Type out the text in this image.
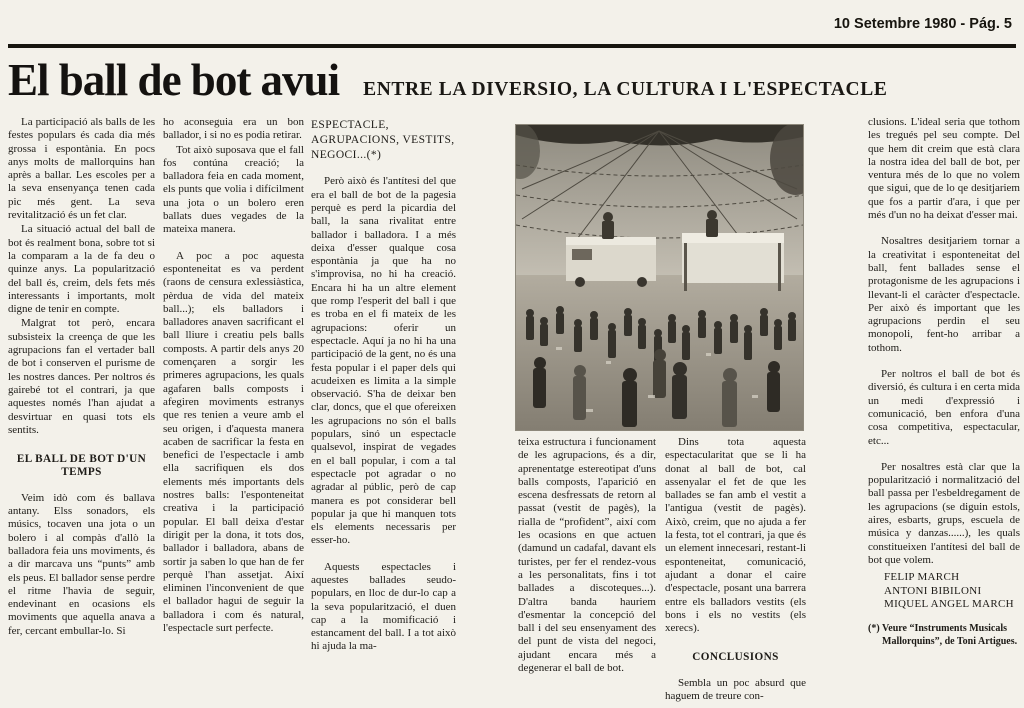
10 Setembre 1980 - Pág. 5
El ball de bot avui ENTRE LA DIVERSIO, LA CULTURA I L'ESPECTACLE

La participació als balls de les festes populars és cada dia més grossa i espontània. En pocs anys molts de mallorquins han après a ballar. Les escoles per a la seva ensenyança tenen cada pic més gent. La seva revitalització és un fet clar.

La situació actual del ball de bot és realment bona, sobre tot si la comparam a la de fa deu o quinze anys. La popularització del ball és, creim, dels fets més interessants i importants, molt digne de tenir en compte.

Malgrat tot però, encara subsisteix la creença de que les agrupacions fan el vertader ball de bot i conserven el purisme de les nostres dances. Per noltros és gairebé tot el contrari, ja que aquestes només l'han ajudat a desvirtuar en quasi tots els sentits.

EL BALL DE BOT D'UN TEMPS

Veim idò com és ballava antany. Elss sonadors, els músics, tocaven una jota o un bolero i al compàs d'allò la balladora feia uns moviments, és a dir marcava uns “punts” amb els peus. El ballador sense perdre el ritme l'havia de seguir, endevinant en ocasions els moviments que aquella anava a fer, cercant embullar-lo. Si

ho aconseguia era un bon ballador, i si no es podia retirar.

Tot això suposava que el fall fos contúna creació; la balladora feia en cada moment, els punts que volia i difícilment una jota o un bolero eren ballats dues vegades de la mateixa manera.

A poc a poc aquesta esponteneitat es va perdent (raons de censura exlessiàstica, pèrdua de vida del mateix ball...); els balladors i balladores anaven sacrificant el ball lliure i creatiu pels balls composts. A partir dels anys 20 començaren a sorgir les primeres agrupacions, les quals agafaren balls composts i afegiren moviments estranys que res tenien a veure amb el seu origen, i d'aquesta manera acaben de sacrificar la festa en benefici de l'espectacle i amb ella sacrifiquen els dos elements més importants dels nostres balls: l'esponteneitat creativa i la participació popular. El ball deixa d'estar dirigit per la dona, it tots dos, ballador i balladora, abans de sortir ja saben lo que han de fer perquè l'han assetjat. Així eliminen l'inconvenient de que el ballador hagui de seguir la balladora i com és natural, l'espectacle surt perfecte.

ESPECTACLE, AGRUPACIONS, VESTITS, NEGOCI...(*)

Però això és l'antítesi del que era el ball de bot de la pagesia perquè es perd la picardia del ball, la sana rivalitat entre ballador i balladora. I a més deixa d'esser qualque cosa espontània ja que ha no s'improvisa, no hi ha creació. Encara hi ha un altre element que romp l'esperit del ball i que es troba en el fi mateix de les agrupacions: oferir un espectacle. Aquí ja no hi ha una participació de la gent, no és una festa popular i el paper dels qui acudeixen es limita a la simple observació. S'ha de deixar ben clar, doncs, que el que ofereixen les agrupacions no són el balls populars, sinó un espectacle qualsevol, inspirat de vegades en el ball popular, i com a tal espectacle pot agradar o no agradar al públic, però de cap manera es pot considerar bell popular ja que hi manquen tots els elements necessaris per esser-ho.

Aquests espectacles i aquestes ballades seudo-populars, en lloc de dur-lo cap a la seva popularització, el duen cap a la momificació i estancament del ball. I a tot això hi ajuda la ma-

teixa estructura i funcionament de les agrupacions, és a dir, aprenentatge estereotipat d'uns balls composts, l'aparició en escena desfressats de retorn al passat (vestit de pagès), la rialla de “profident”, així com les ocasions en que actuen (damund un cadafal, davant els turistes, per fer el rendez-vous a les personalitats, fins i tot ballades a discoteques...). D'altra banda hauriem d'esmentar la concepció del ball i del seu ensenyament des del punt de vista del negoci, ajudant encara més a degenerar el ball de bot.

Dins tota aquesta espectacularitat que se li ha donat al ball de bot, cal assenyalar el fet de que les ballades se fan amb el vestit a l'antigua (vestit de pagès). Això, creim, que no ajuda a fer la festa, tot el contrari, ja que és un element innecesari, restant-li esponteneitat, comunicació, ajudant a donar el caire d'espectacle, posant una barrera entre els balladors vestits (els bons i els no vestits (els xerecs).

CONCLUSIONS

Sembla un poc absurd que haguem de treure con-

clusions. L'ideal seria que tothom les tregués pel seu compte. Del que hem dit creim que està clara la nostra idea del ball de bot, per ventura més de lo que no volem que sigui, que de lo qe desitjariem que fos a partir d'ara, i que per més d'un no ha deixat d'esser mai.

Nosaltres desitjariem tornar a la creativitat i esponteneitat del ball, fent ballades sense el protagonisme de les agrupacions i llevant-li el caràcter d'espectacle. Per això és important que les agrupacions perdin el seu monopoli, fent-ho arribar a tothom.

Per noltros el ball de bot és diversió, és cultura i en certa mida un medi d'expressió i comunicació, ben enfora d'una cosa competitiva, espectacular, etc...

Per nosaltres està clar que la popularització i normalització del ball passa per l'esbeldregament de les agrupacions (se diguin estols, aires, esbarts, grups, escuela de música y danzas......), les quals constitueixen l'antítesi del ball de bot que volem.

FELIP MARCH

ANTONI BIBILONI

MIQUEL ANGEL MARCH

(*) Veure “Instruments Musicals Mallorquins”, de Toni Artigues.
